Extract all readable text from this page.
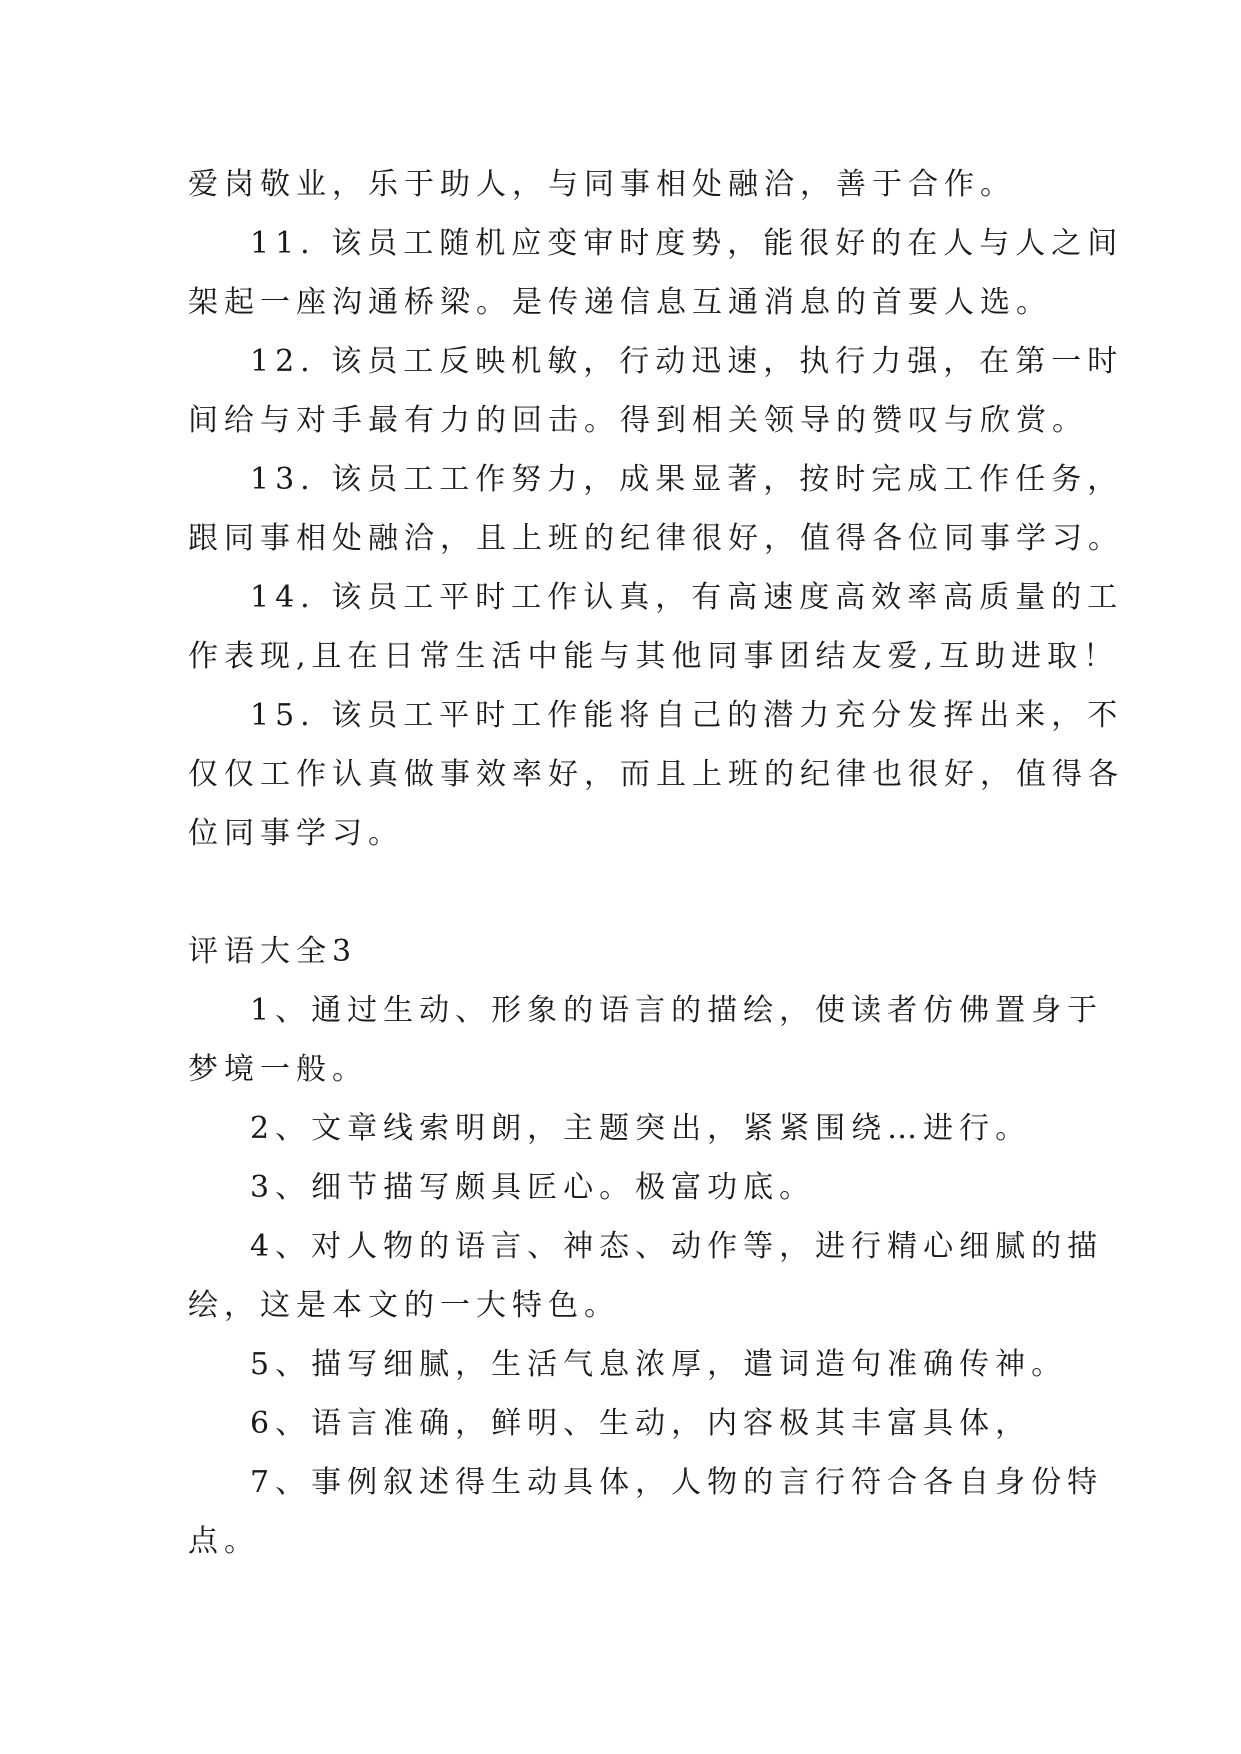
爱岗敬业，乐于助人，与同事相处融洽，善于合作。

11. 该员工随机应变审时度势，能很好的在人与人之间

架起一座沟通桥梁。是传递信息互通消息的首要人选。

12. 该员工反映机敏，行动迅速，执行力强，在第一时

间给与对手最有力的回击。得到相关领导的赞叹与欣赏。

13. 该员工工作努力，成果显著，按时完成工作任务，

跟同事相处融洽，且上班的纪律很好，值得各位同事学习。

14. 该员工平时工作认真，有高速度高效率高质量的工

作表现,且在日常生活中能与其他同事团结友爱,互助进取！

15. 该员工平时工作能将自己的潜力充分发挥出来，不

仅仅工作认真做事效率好，而且上班的纪律也很好，值得各

位同事学习。

评语大全3

1、通过生动、形象的语言的描绘，使读者仿佛置身于

梦境一般。

2、文章线索明朗，主题突出，紧紧围绕…进行。

3、细节描写颇具匠心。极富功底。

4、对人物的语言、神态、动作等，进行精心细腻的描

绘，这是本文的一大特色。

5、描写细腻，生活气息浓厚，遣词造句准确传神。

6、语言准确，鲜明、生动，内容极其丰富具体，

7、事例叙述得生动具体，人物的言行符合各自身份特

点。
